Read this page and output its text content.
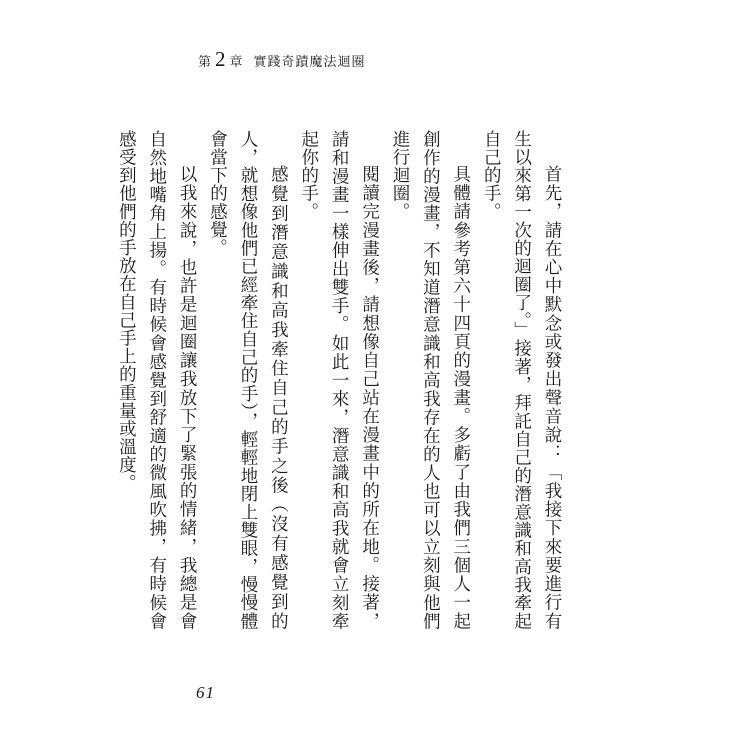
第 2 章 實踐奇蹟魔法迴圈

首先，請在心中默念或發出聲音說：「我接下來要進行有生以來第一次的迴圈了。」接著，拜託自己的潛意識和高我牽起自己的手。

具體請參考第六十四頁的漫畫。多虧了由我們三個人一起創作的漫畫，不知道潛意識和高我存在的人也可以立刻與他們進行迴圈。

閱讀完漫畫後，請想像自己站在漫畫中的所在地。接著，請和漫畫一樣伸出雙手。如此一來，潛意識和高我就會立刻牽起你的手。

感覺到潛意識和高我牽住自己的手之後（沒有感覺到的人，就想像他們已經牽住自己的手），輕輕地閉上雙眼，慢慢體會當下的感覺。

以我來說，也許是迴圈讓我放下了緊張的情緒，我總是會自然地嘴角上揚。有時候會感覺到舒適的微風吹拂，有時候會感受到他們的手放在自己手上的重量或溫度。

61
